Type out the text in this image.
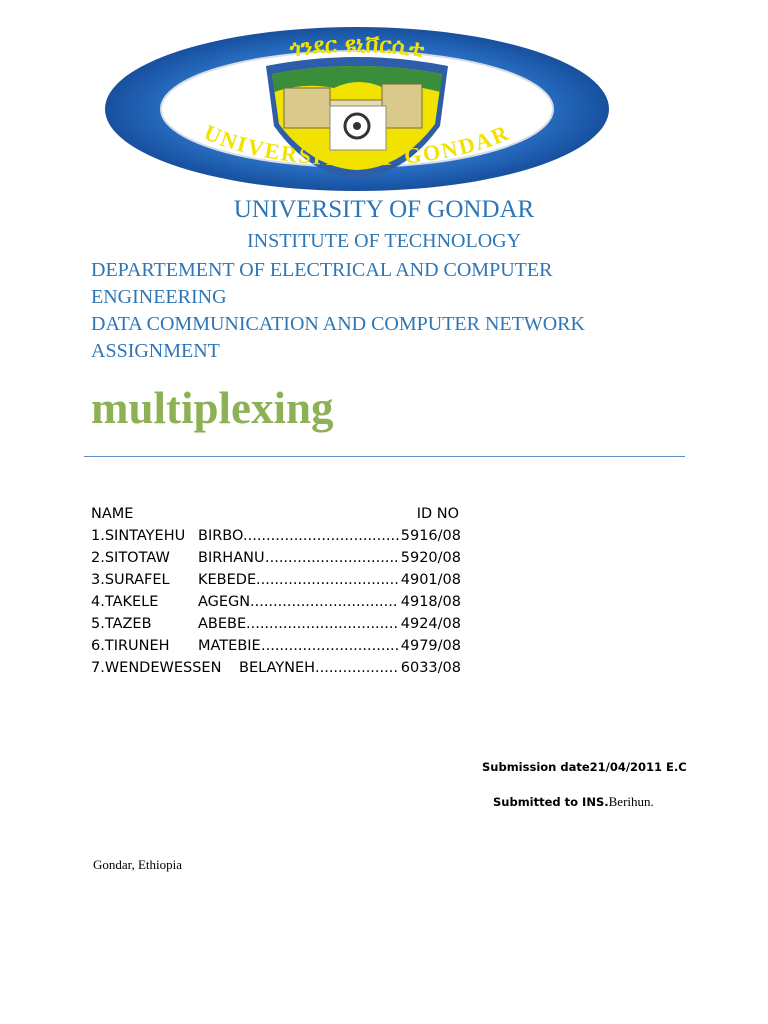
ጎንደር ዩኒቨርሲቲ
UNIVERSITY OF GONDAR
UNIVERSITY OF GONDAR
INSTITUTE OF TECHNOLOGY
DEPARTEMENT OF ELECTRICAL AND COMPUTER ENGINEERING
DATA COMMUNICATION AND COMPUTER NETWORK ASSIGNMENT
multiplexing
NAME	ID NO
1.SINTAYEHU BIRBO	5916/08
..................................
2.SITOTAW BIRHANU	5920/08
.............................
3.SURAFEL KEBEDE	4901/08
...............................
4.TAKELE	AGEGN	4918/08
................................
5.TAZEB	ABEBE	4924/08
.................................
6.TIRUNEH MATEBIE	4979/08
..............................
7.WENDEWESSEN BELAYNEH	6033/08
..................
Submission date21/04/2011 E.C
Submitted to INS.Berihun.
Gondar, Ethiopia
